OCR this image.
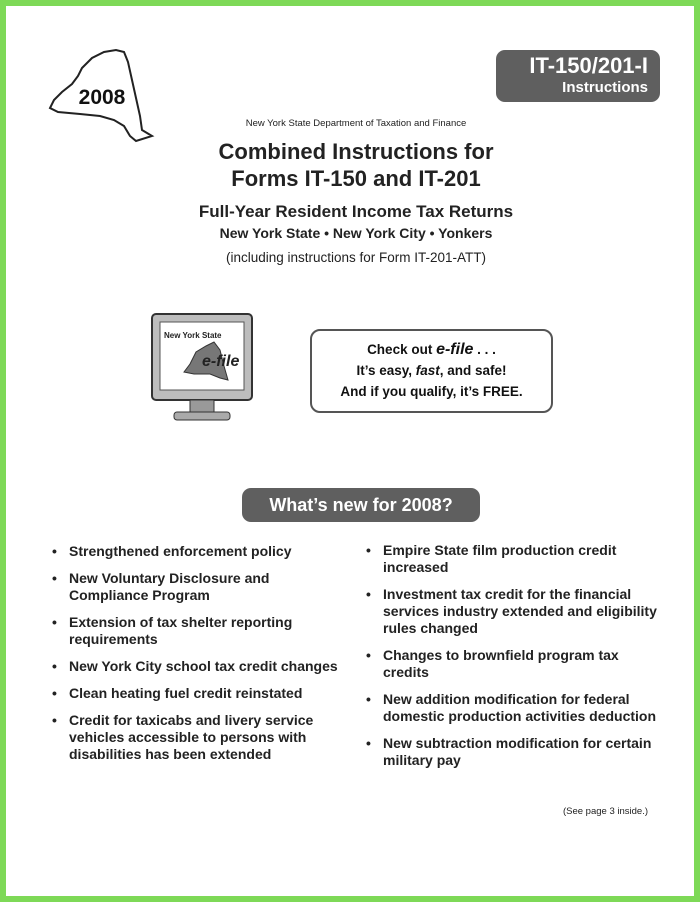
2008
IT-150/201-I
Instructions
New York State Department of Taxation and Finance
Combined Instructions for
Forms IT-150 and IT-201
Full-Year Resident Income Tax Returns
New York State • New York City • Yonkers
(including instructions for Form IT-201-ATT)
New York State
e-file
Check out e-file . . .
It’s easy, fast, and safe!
And if you qualify, it’s FREE.
What’s new for 2008?
• Strengthened enforcement policy
• New Voluntary Disclosure and Compliance Program
• Extension of tax shelter reporting requirements
• New York City school tax credit changes
• Clean heating fuel credit reinstated
• Credit for taxicabs and livery service vehicles accessible to persons with disabilities has been extended
• Empire State film production credit increased
• Investment tax credit for the financial services industry extended and eligibility rules changed
• Changes to brownfield program tax credits
• New addition modification for federal domestic production activities deduction
• New subtraction modification for certain military pay
(See page 3 inside.)
